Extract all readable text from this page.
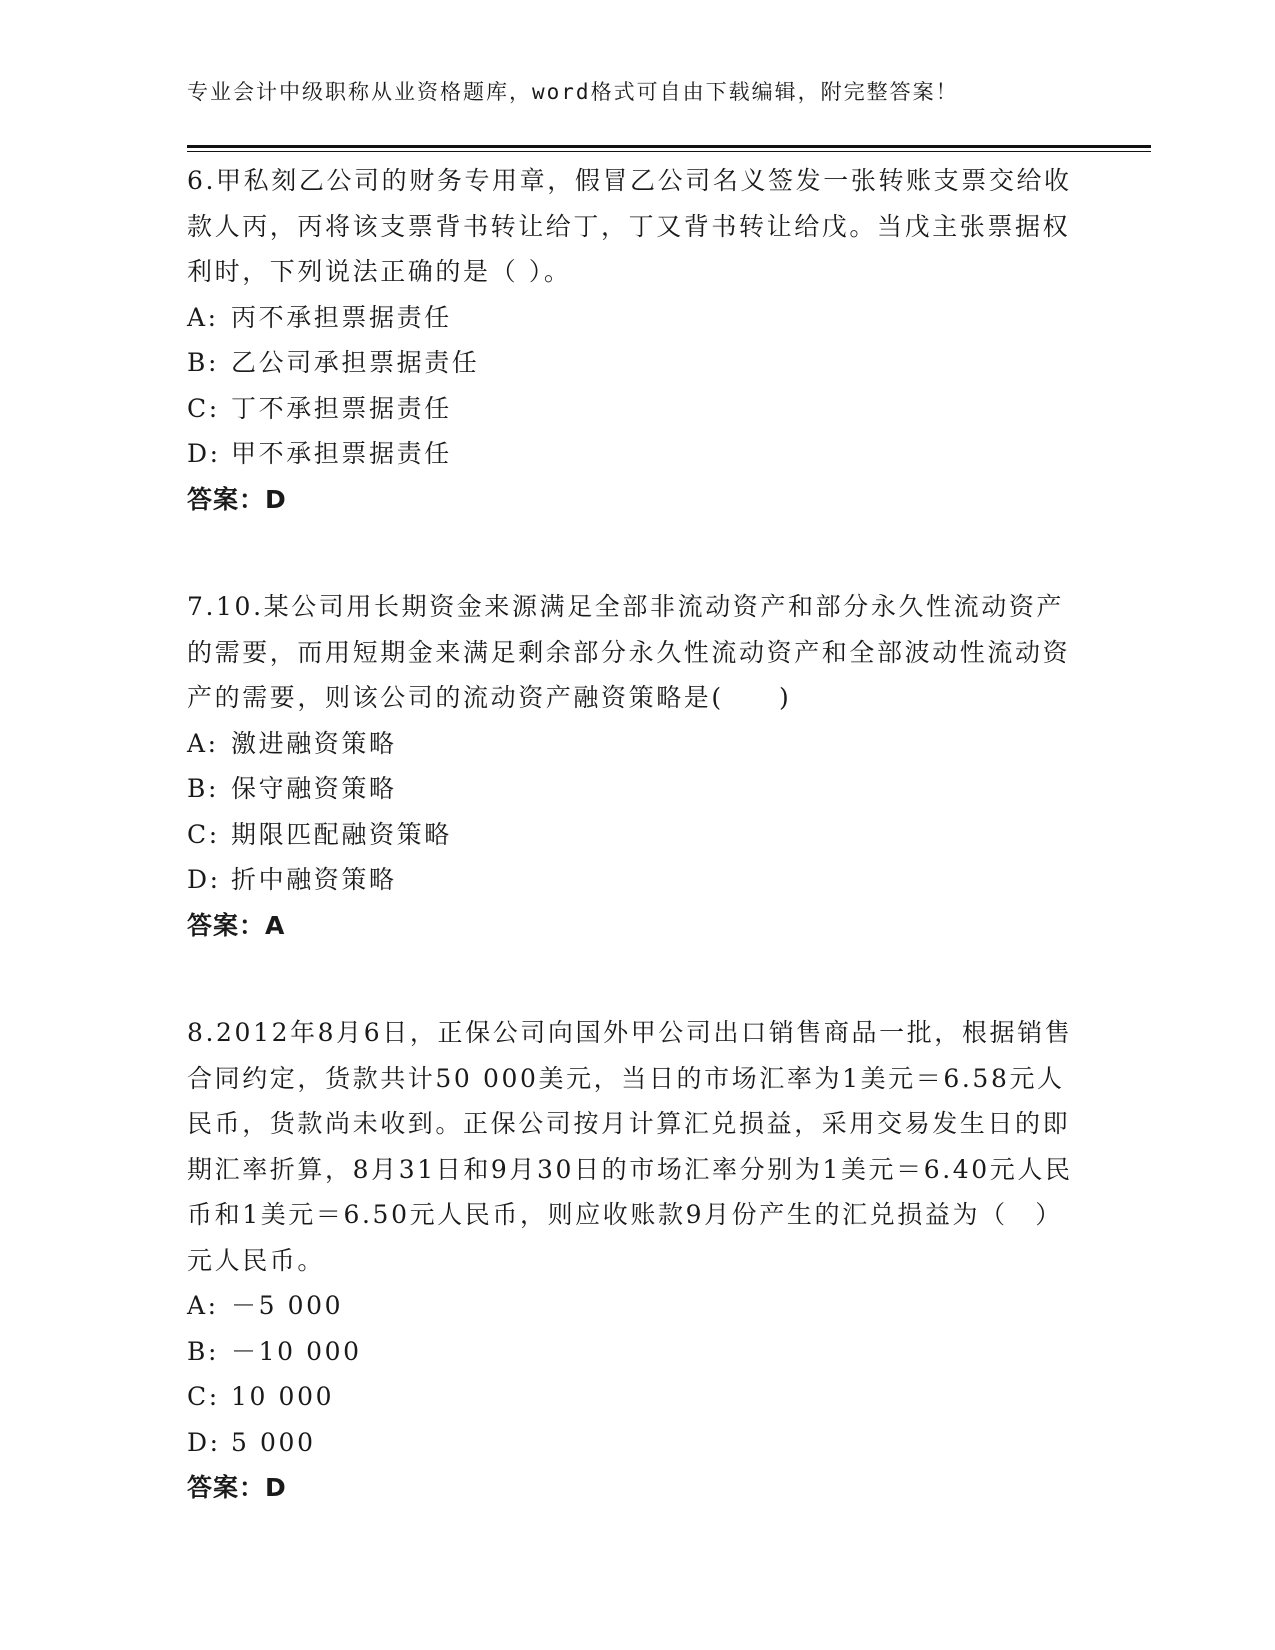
专业会计中级职称从业资格题库，word格式可自由下载编辑，附完整答案！

6.甲私刻乙公司的财务专用章，假冒乙公司名义签发一张转账支票交给收款人丙，丙将该支票背书转让给丁，丁又背书转让给戊。当戊主张票据权利时，下列说法正确的是（ ）。

A: 丙不承担票据责任

B: 乙公司承担票据责任

C: 丁不承担票据责任

D: 甲不承担票据责任

答案：D

7.10.某公司用长期资金来源满足全部非流动资产和部分永久性流动资产的需要，而用短期金来满足剩余部分永久性流动资产和全部波动性流动资产的需要，则该公司的流动资产融资策略是(　　)

A: 激进融资策略

B: 保守融资策略

C: 期限匹配融资策略

D: 折中融资策略

答案：A

8.2012年8月6日，正保公司向国外甲公司出口销售商品一批，根据销售合同约定，货款共计50 000美元，当日的市场汇率为1美元＝6.58元人民币，货款尚未收到。正保公司按月计算汇兑损益，采用交易发生日的即期汇率折算，8月31日和9月30日的市场汇率分别为1美元＝6.40元人民币和1美元＝6.50元人民币，则应收账款9月份产生的汇兑损益为（　）元人民币。

A: －5 000

B: －10 000

C: 10 000

D: 5 000

答案：D
